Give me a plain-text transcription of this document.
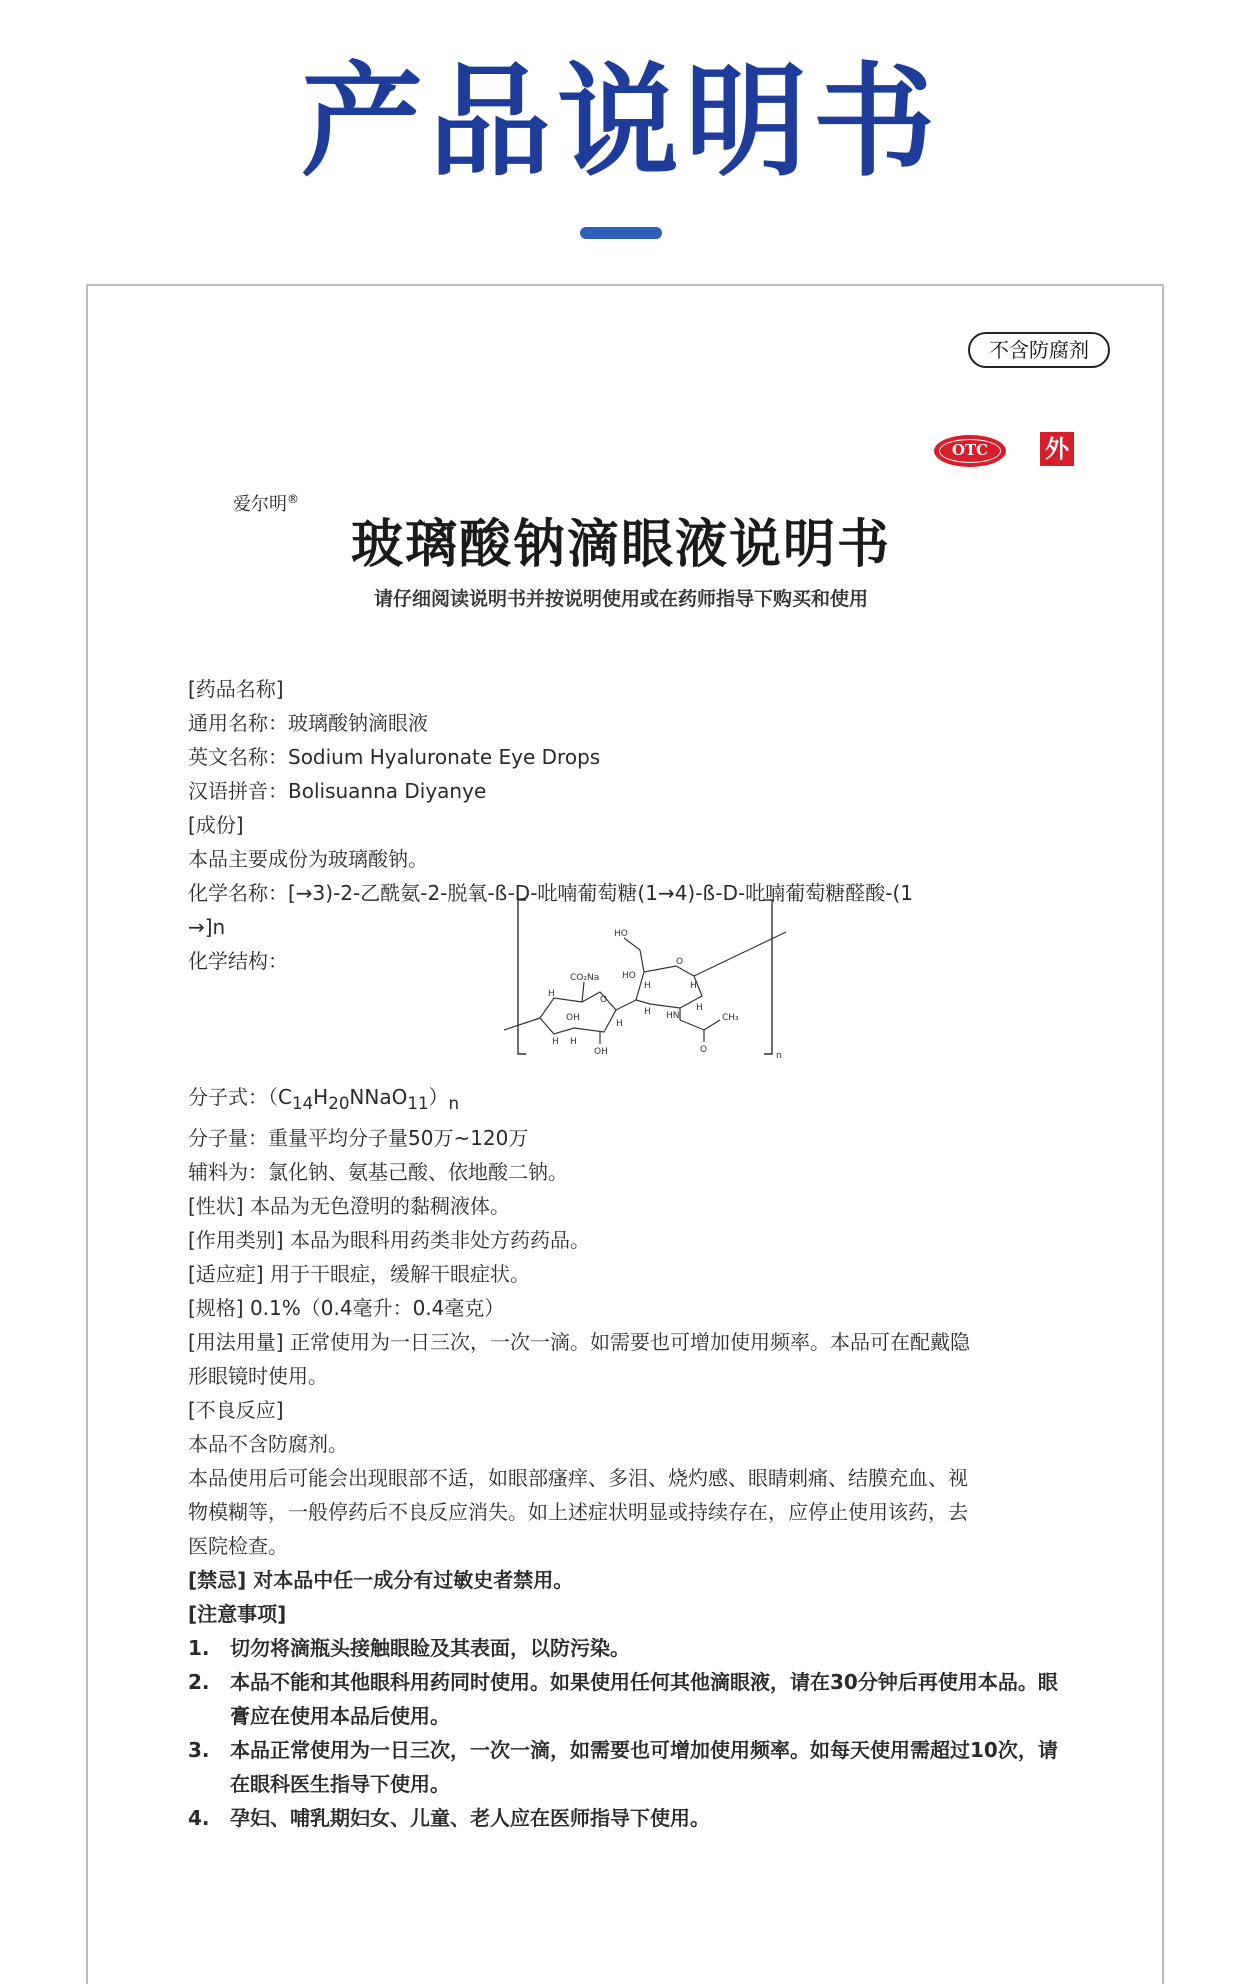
产品说明书
不含防腐剂
OTC	外
爱尔明®
玻璃酸钠滴眼液说明书
请仔细阅读说明书并按说明使用或在药师指导下购买和使用
[药品名称]
通用名称：玻璃酸钠滴眼液
英文名称：Sodium Hyaluronate Eye Drops
汉语拼音：Bolisuanna Diyanye
[成份]
本品主要成份为玻璃酸钠。
化学名称：[→3)-2-乙酰氨-2-脱氧-ß-D-吡喃葡萄糖(1→4)-ß-D-吡喃葡萄糖醛酸-(1
→]n
化学结构：
HO
O
HO
H	H
H	H
CO₂Na
O
OH
H
H
H H
HN	CH₃
O
OH	n
分子式：$(C_{14}H_{20}NNaO_{11})_n$
分子量：重量平均分子量50万~120万
辅料为：氯化钠、氨基己酸、依地酸二钠。
[性状] 本品为无色澄明的黏稠液体。
[作用类别] 本品为眼科用药类非处方药药品。
[适应症] 用于干眼症，缓解干眼症状。
[规格] 0.1%（0.4毫升：0.4毫克）
[用法用量] 正常使用为一日三次，一次一滴。如需要也可增加使用频率。本品可在配戴隐
形眼镜时使用。
[不良反应]
本品不含防腐剂。
本品使用后可能会出现眼部不适，如眼部瘙痒、多泪、烧灼感、眼睛刺痛、结膜充血、视
物模糊等，一般停药后不良反应消失。如上述症状明显或持续存在，应停止使用该药，去
医院检查。
[禁忌] 对本品中任一成分有过敏史者禁用。
[注意事项]
1.	切勿将滴瓶头接触眼睑及其表面，以防污染。
2.	本品不能和其他眼科用药同时使用。如果使用任何其他滴眼液，请在30分钟后再使用本品。眼膏应在使用本品后使用。
3.	本品正常使用为一日三次，一次一滴，如需要也可增加使用频率。如每天使用需超过10次，请在眼科医生指导下使用。
4.	孕妇、哺乳期妇女、儿童、老人应在医师指导下使用。
